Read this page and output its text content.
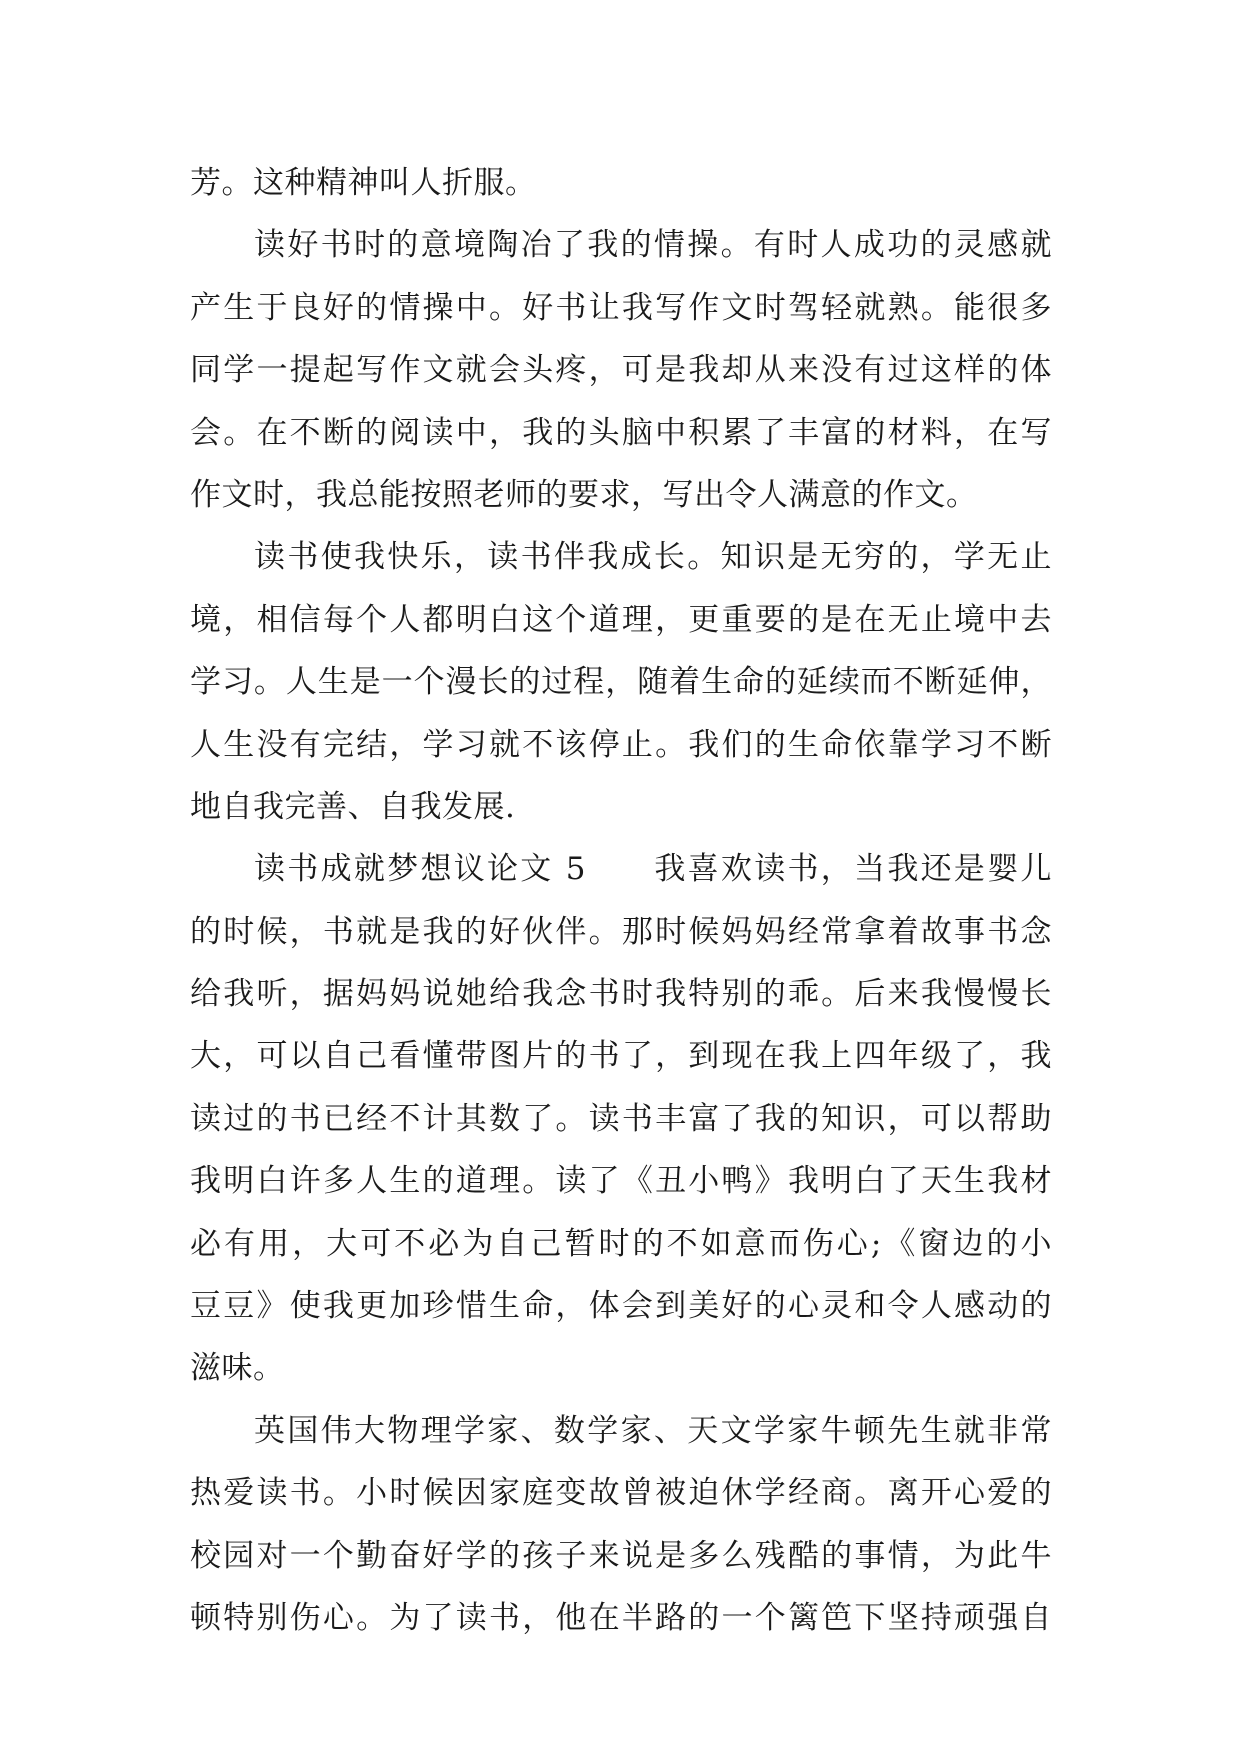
芳。这种精神叫人折服。
读好书时的意境陶冶了我的情操。有时人成功的灵感就
产生于良好的情操中。好书让我写作文时驾轻就熟。能很多
同学一提起写作文就会头疼，可是我却从来没有过这样的体
会。在不断的阅读中，我的头脑中积累了丰富的材料，在写
作文时，我总能按照老师的要求，写出令人满意的作文。
读书使我快乐，读书伴我成长。知识是无穷的，学无止
境，相信每个人都明白这个道理，更重要的是在无止境中去
学习。人生是一个漫长的过程，随着生命的延续而不断延伸，
人生没有完结，学习就不该停止。我们的生命依靠学习不断
地自我完善、自我发展.
读书成就梦想议论文 5　　我喜欢读书，当我还是婴儿
的时候，书就是我的好伙伴。那时候妈妈经常拿着故事书念
给我听，据妈妈说她给我念书时我特别的乖。后来我慢慢长
大，可以自己看懂带图片的书了，到现在我上四年级了，我
读过的书已经不计其数了。读书丰富了我的知识，可以帮助
我明白许多人生的道理。读了《丑小鸭》我明白了天生我材
必有用，大可不必为自己暂时的不如意而伤心;《窗边的小
豆豆》使我更加珍惜生命，体会到美好的心灵和令人感动的
滋味。
英国伟大物理学家、数学家、天文学家牛顿先生就非常
热爱读书。小时候因家庭变故曾被迫休学经商。离开心爱的
校园对一个勤奋好学的孩子来说是多么残酷的事情，为此牛
顿特别伤心。为了读书，他在半路的一个篱笆下坚持顽强自
